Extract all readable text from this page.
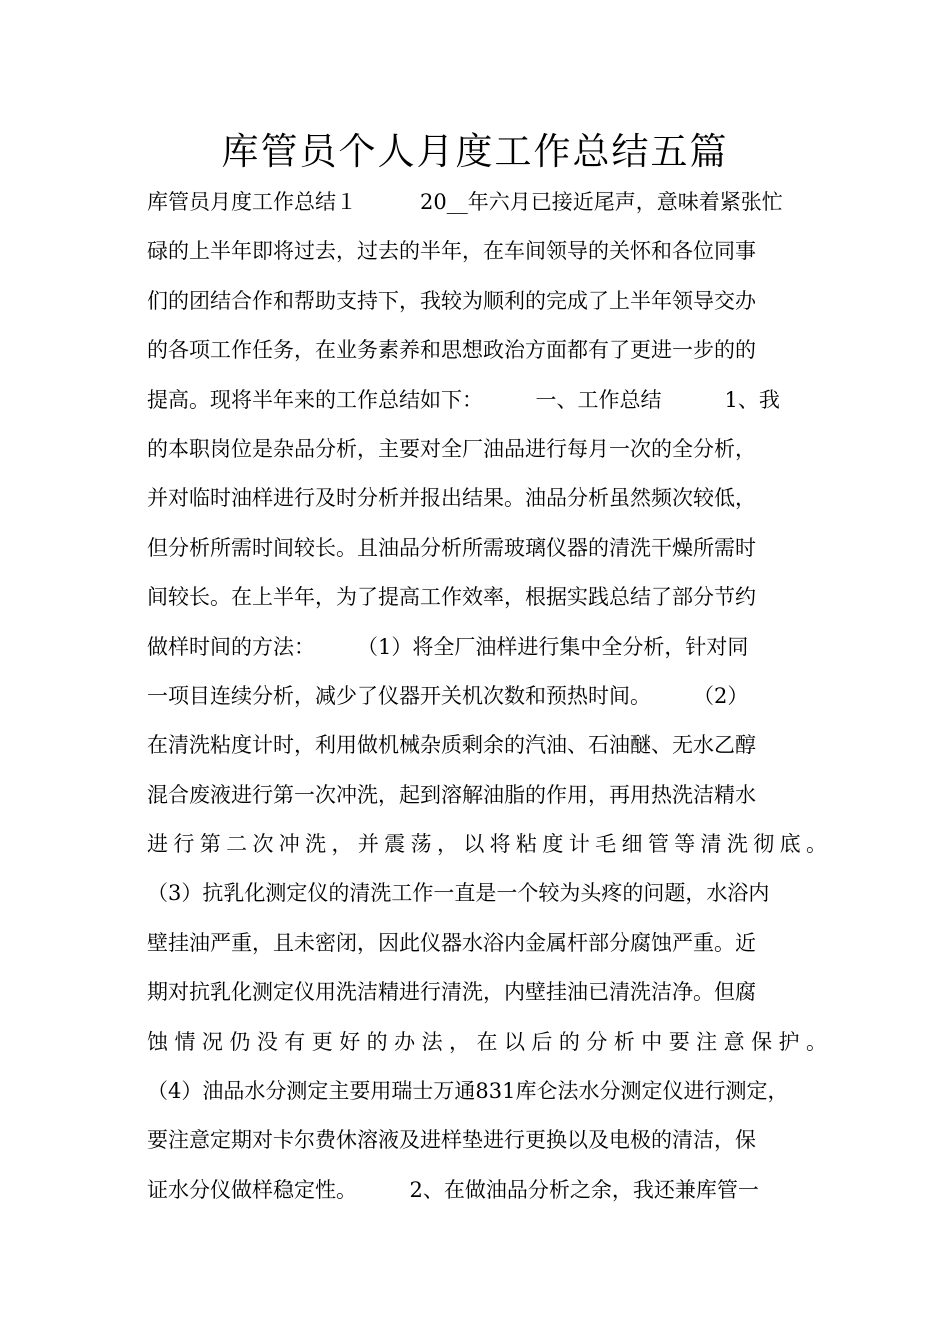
库管员个人月度工作总结五篇
库管员月度工作总结１　　　20__年六月已接近尾声，意味着紧张忙
碌的上半年即将过去，过去的半年，在车间领导的关怀和各位同事
们的团结合作和帮助支持下，我较为顺利的完成了上半年领导交办
的各项工作任务，在业务素养和思想政治方面都有了更进一步的的
提高。现将半年来的工作总结如下：　　　一、工作总结　　　1、我
的本职岗位是杂品分析，主要对全厂油品进行每月一次的全分析，
并对临时油样进行及时分析并报出结果。油品分析虽然频次较低，
但分析所需时间较长。且油品分析所需玻璃仪器的清洗干燥所需时
间较长。在上半年，为了提高工作效率，根据实践总结了部分节约
做样时间的方法：　　　（1）将全厂油样进行集中全分析，针对同
一项目连续分析，减少了仪器开关机次数和预热时间。　　　（2）
在清洗粘度计时，利用做机械杂质剩余的汽油、石油醚、无水乙醇
混合废液进行第一次冲洗，起到溶解油脂的作用，再用热洗洁精水
进行第二次冲洗，并震荡，以将粘度计毛细管等清洗彻底。
（3）抗乳化测定仪的清洗工作一直是一个较为头疼的问题，水浴内
壁挂油严重，且未密闭，因此仪器水浴内金属杆部分腐蚀严重。近
期对抗乳化测定仪用洗洁精进行清洗，内壁挂油已清洗洁净。但腐
蚀情况仍没有更好的办法，在以后的分析中要注意保护。
（4）油品水分测定主要用瑞士万通831库仑法水分测定仪进行测定，
要注意定期对卡尔费休溶液及进样垫进行更换以及电极的清洁，保
证水分仪做样稳定性。　　　2、在做油品分析之余，我还兼库管一
